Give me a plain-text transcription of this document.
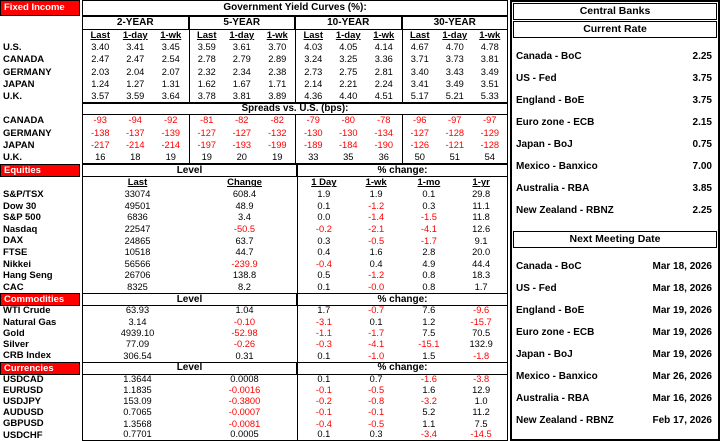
Fixed Income	Government Yield Curves (%):
2-YEAR	5-YEAR	10-YEAR	30-YEAR
Last	1-day	1-wk	Last	1-day	1-wk	Last	1-day	1-wk	Last	1-day	1-wk
U.S.	3.40	3.41	3.45	3.59	3.61	3.70	4.03	4.05	4.14	4.67	4.70	4.78
CANADA	2.47	2.47	2.54	2.78	2.79	2.89	3.24	3.25	3.36	3.71	3.73	3.81
GERMANY	2.03	2.04	2.07	2.32	2.34	2.38	2.73	2.75	2.81	3.40	3.43	3.49
JAPAN	1.24	1.27	1.31	1.62	1.67	1.71	2.14	2.21	2.24	3.41	3.49	3.51
U.K.	3.57	3.59	3.64	3.78	3.81	3.89	4.36	4.40	4.51	5.17	5.21	5.33
Spreads vs. U.S. (bps):
CANADA	-93	-94	-92	-81	-82	-82	-79	-80	-78	-96	-97	-97
GERMANY	-138	-137	-139	-127	-127	-132	-130	-130	-134	-127	-128	-129
JAPAN	-217	-214	-214	-197	-193	-199	-189	-184	-190	-126	-121	-128
U.K.	16	18	19	19	20	19	33	35	36	50	51	54
Equities	Level	% change:
Last	Change	1 Day	1-wk	1-mo	1-yr
S&P/TSX	33074	608.4	1.9	1.9	0.1	29.8
Dow 30	49501	48.9	0.1	-1.2	0.3	11.1
S&P 500	6836	3.4	0.0	-1.4	-1.5	11.8
Nasdaq	22547	-50.5	-0.2	-2.1	-4.1	12.6
DAX	24865	63.7	0.3	-0.5	-1.7	9.1
FTSE	10518	44.7	0.4	1.6	2.8	20.0
Nikkei	56566	-239.9	-0.4	0.4	4.9	44.4
Hang Seng	26706	138.8	0.5	-1.2	0.8	18.3
CAC	8325	8.2	0.1	-0.0	0.8	1.7
Commodities	Level	% change:
WTI Crude	63.93	1.04	1.7	-0.7	7.6	-9.6
Natural Gas	3.14	-0.10	-3.1	0.1	1.2	-15.7
Gold	4939.10	-52.98	-1.1	-1.7	7.5	70.5
Silver	77.09	-0.26	-0.3	-4.1	-15.1	132.9
CRB Index	306.54	0.31	0.1	-1.0	1.5	-1.8
Currencies	Level	% change:
USDCAD	1.3644	0.0008	0.1	0.7	-1.6	-3.8
EURUSD	1.1835	-0.0016	-0.1	-0.5	1.6	12.9
USDJPY	153.09	-0.3800	-0.2	-0.8	-3.2	1.0
AUDUSD	0.7065	-0.0007	-0.1	-0.1	5.2	11.2
GBPUSD	1.3568	-0.0081	-0.4	-0.5	1.1	7.5
USDCHF	0.7701	0.0005	0.1	0.3	-3.4	-14.5
Central Banks
Current Rate
Canada - BoC	2.25
US - Fed	3.75
England - BoE	3.75
Euro zone - ECB	2.15
Japan - BoJ	0.75
Mexico - Banxico	7.00
Australia - RBA	3.85
New Zealand - RBNZ	2.25
Next Meeting Date
Canada - BoC	Mar 18, 2026
US - Fed	Mar 18, 2026
England - BoE	Mar 19, 2026
Euro zone - ECB	Mar 19, 2026
Japan - BoJ	Mar 19, 2026
Mexico - Banxico	Mar 26, 2026
Australia - RBA	Mar 16, 2026
New Zealand - RBNZ	Feb 17, 2026
